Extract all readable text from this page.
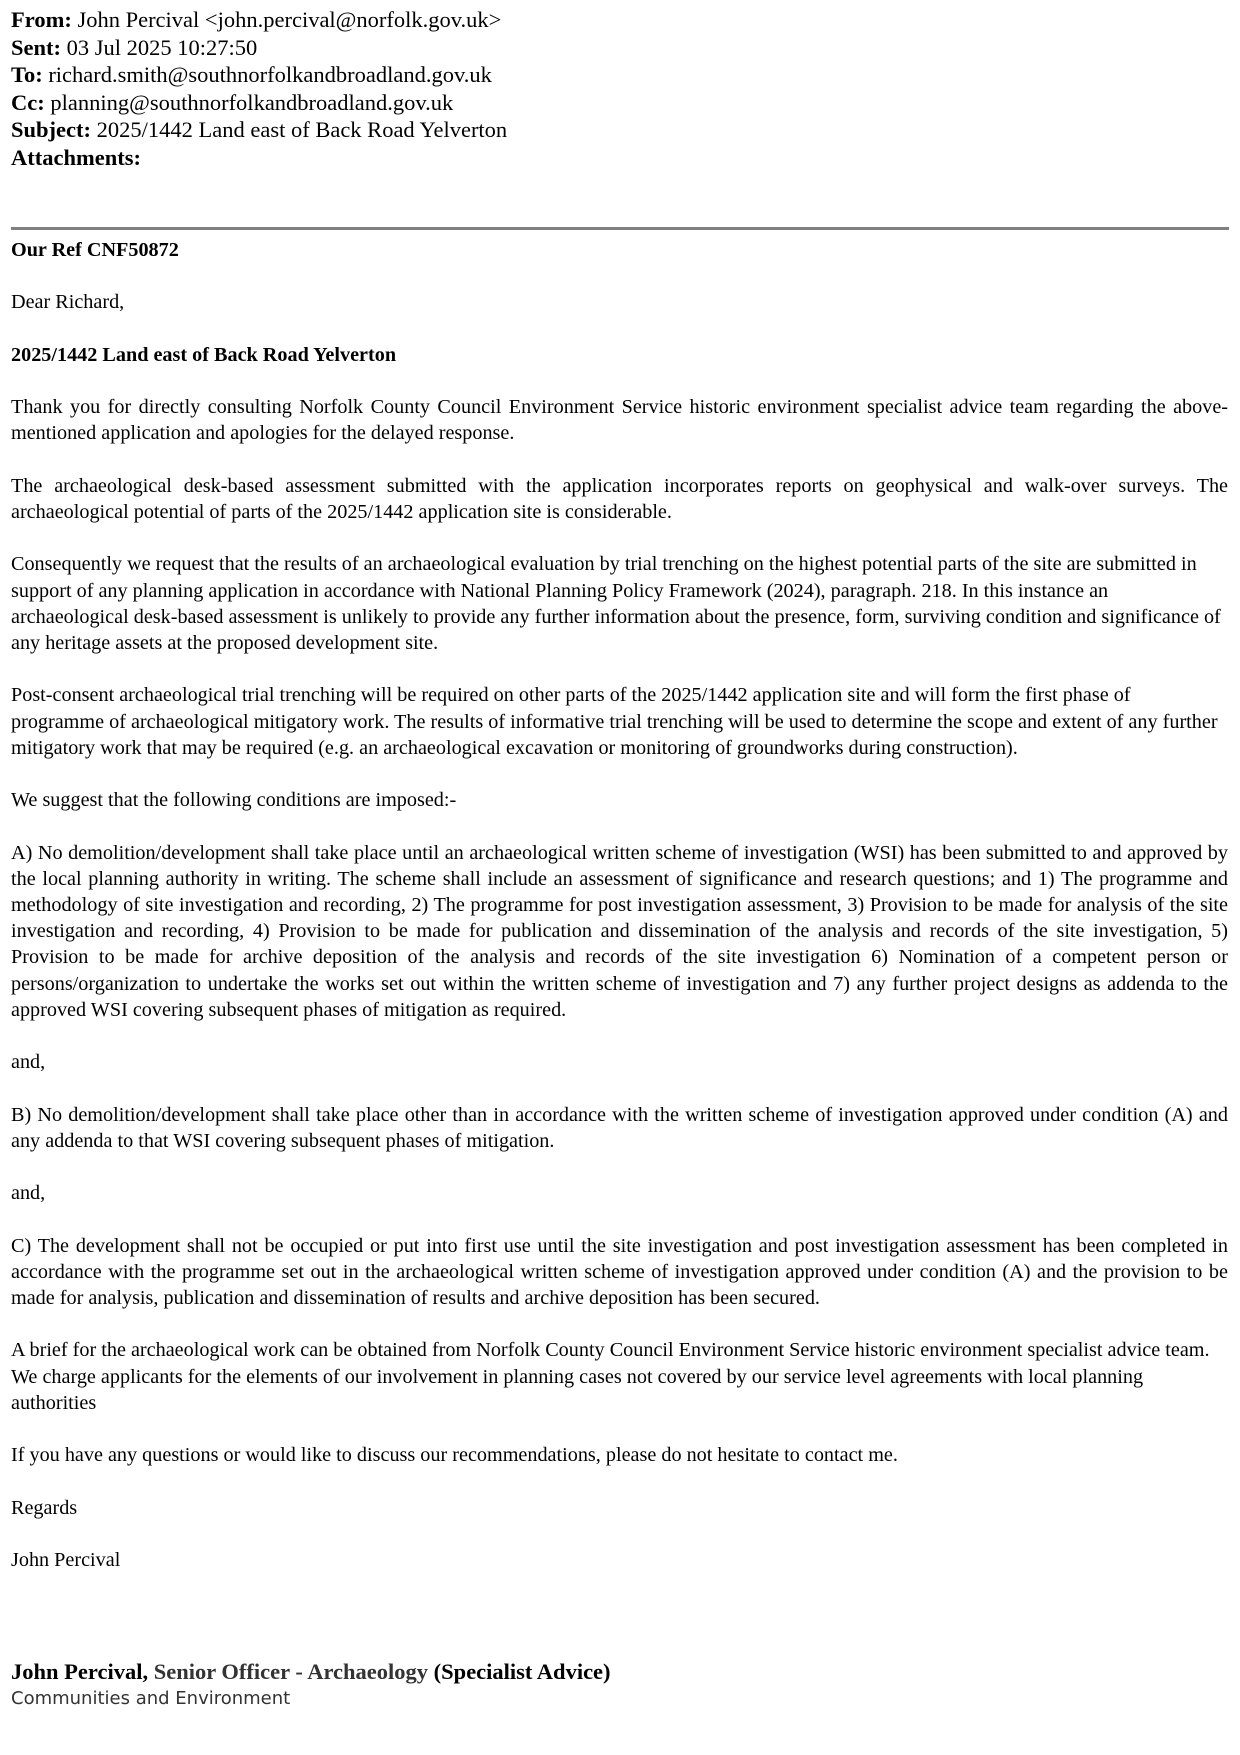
From: John Percival <john.percival@norfolk.gov.uk>
Sent: 03 Jul 2025 10:27:50
To: richard.smith@southnorfolkandbroadland.gov.uk
Cc: planning@southnorfolkandbroadland.gov.uk
Subject: 2025/1442 Land east of Back Road Yelverton
Attachments:

Our Ref CNF50872

Dear Richard,

2025/1442 Land east of Back Road Yelverton

Thank you for directly consulting Norfolk County Council Environment Service historic environment specialist advice team regarding the above-mentioned application and apologies for the delayed response.

The archaeological desk-based assessment submitted with the application incorporates reports on geophysical and walk-over surveys. The archaeological potential of parts of the 2025/1442 application site is considerable.

Consequently we request that the results of an archaeological evaluation by trial trenching on the highest potential parts of the site are submitted in support of any planning application in accordance with National Planning Policy Framework (2024), paragraph. 218. In this instance an archaeological desk-based assessment is unlikely to provide any further information about the presence, form, surviving condition and significance of any heritage assets at the proposed development site.

Post-consent archaeological trial trenching will be required on other parts of the 2025/1442 application site and will form the first phase of programme of archaeological mitigatory work. The results of informative trial trenching will be used to determine the scope and extent of any further mitigatory work that may be required (e.g. an archaeological excavation or monitoring of groundworks during construction).

We suggest that the following conditions are imposed:-

A) No demolition/development shall take place until an archaeological written scheme of investigation (WSI) has been submitted to and approved by the local planning authority in writing. The scheme shall include an assessment of significance and research questions; and 1) The programme and methodology of site investigation and recording, 2) The programme for post investigation assessment, 3) Provision to be made for analysis of the site investigation and recording, 4) Provision to be made for publication and dissemination of the analysis and records of the site investigation, 5) Provision to be made for archive deposition of the analysis and records of the site investigation 6) Nomination of a competent person or persons/organization to undertake the works set out within the written scheme of investigation and 7) any further project designs as addenda to the approved WSI covering subsequent phases of mitigation as required.

and,

B) No demolition/development shall take place other than in accordance with the written scheme of investigation approved under condition (A) and any addenda to that WSI covering subsequent phases of mitigation.

and,

C) The development shall not be occupied or put into first use until the site investigation and post investigation assessment has been completed in accordance with the programme set out in the archaeological written scheme of investigation approved under condition (A) and the provision to be made for analysis, publication and dissemination of results and archive deposition has been secured.

A brief for the archaeological work can be obtained from Norfolk County Council Environment Service historic environment specialist advice team. We charge applicants for the elements of our involvement in planning cases not covered by our service level agreements with local planning authorities

If you have any questions or would like to discuss our recommendations, please do not hesitate to contact me.

Regards

John Percival

John Percival, Senior Officer - Archaeology (Specialist Advice)
Communities and Environment
